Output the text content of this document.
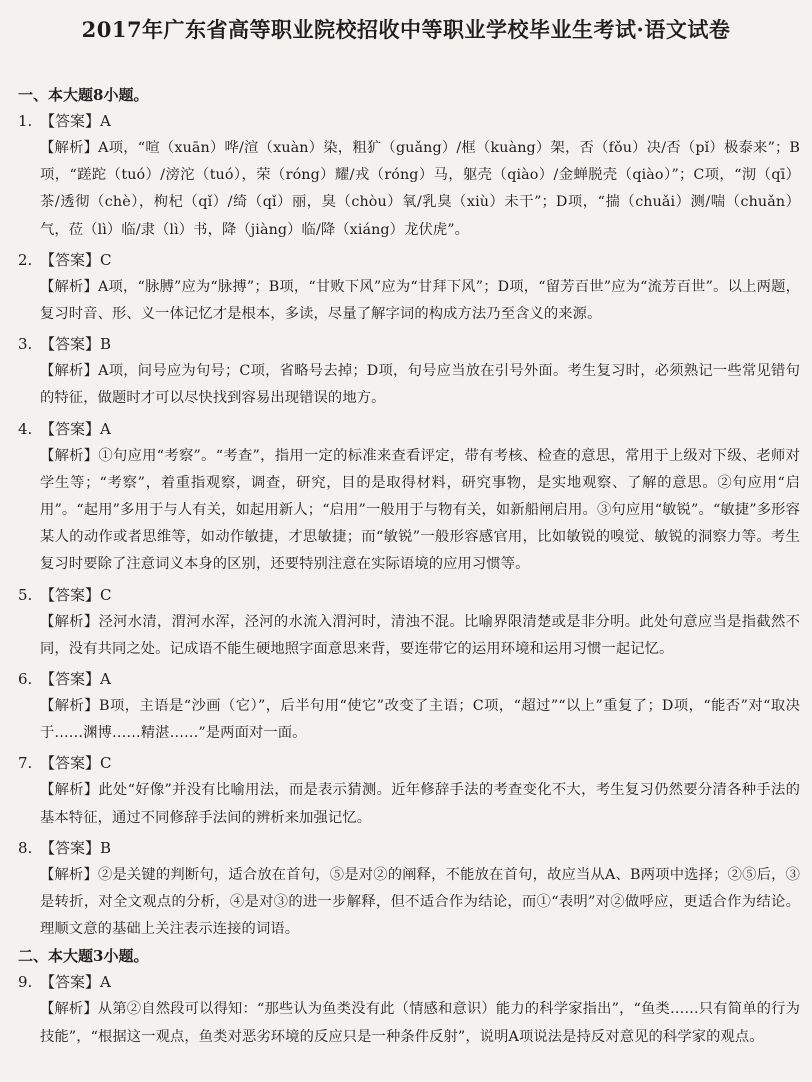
2017年广东省高等职业院校招收中等职业学校毕业生考试·语文试卷
一、本大题8小题。
1. 【答案】A
【解析】A项，“喧（xuān）哗/渲（xuàn）染，粗犷（guǎng）/框（kuàng）架，否（fǒu）决/否（pǐ）极泰来”；B项，“蹉跎（tuó）/滂沱（tuó），荣（róng）耀/戎（róng）马，躯壳（qiào）/金蝉脱壳（qiào）”；C项，“沏（qī）茶/透彻（chè），枸杞（qǐ）/绮（qǐ）丽，臭（chòu）氧/乳臭（xiù）未干”；D项，“揣（chuǎi）测/喘（chuǎn）气，莅（lì）临/隶（lì）书，降（jiàng）临/降（xiáng）龙伏虎”。
2. 【答案】C
【解析】A项，“脉膊”应为“脉搏”；B项，“甘败下风”应为“甘拜下风”；D项，“留芳百世”应为“流芳百世”。以上两题，复习时音、形、义一体记忆才是根本，多读，尽量了解字词的构成方法乃至含义的来源。
3. 【答案】B
【解析】A项，问号应为句号；C项，省略号去掉；D项，句号应当放在引号外面。考生复习时，必须熟记一些常见错句的特征，做题时才可以尽快找到容易出现错误的地方。
4. 【答案】A
【解析】①句应用“考察”。“考查”，指用一定的标准来查看评定，带有考核、检查的意思，常用于上级对下级、老师对学生等；“考察”，着重指观察，调查，研究，目的是取得材料，研究事物，是实地观察、了解的意思。②句应用“启用”。“起用”多用于与人有关，如起用新人；“启用”一般用于与物有关，如新船闸启用。③句应用“敏锐”。“敏捷”多形容某人的动作或者思维等，如动作敏捷，才思敏捷；而“敏锐”一般形容感官用，比如敏锐的嗅觉、敏锐的洞察力等。考生复习时要除了注意词义本身的区别，还要特别注意在实际语境的应用习惯等。
5. 【答案】C
【解析】泾河水清，渭河水浑，泾河的水流入渭河时，清浊不混。比喻界限清楚或是非分明。此处句意应当是指截然不同，没有共同之处。记成语不能生硬地照字面意思来背，要连带它的运用环境和运用习惯一起记忆。
6. 【答案】A
【解析】B项，主语是“沙画（它）”，后半句用“使它”改变了主语；C项，“超过”“以上”重复了；D项，“能否”对“取决于……渊博……精湛……”是两面对一面。
7. 【答案】C
【解析】此处“好像”并没有比喻用法，而是表示猜测。近年修辞手法的考查变化不大，考生复习仍然要分清各种手法的基本特征，通过不同修辞手法间的辨析来加强记忆。
8. 【答案】B
【解析】②是关键的判断句，适合放在首句，⑤是对②的阐释，不能放在首句，故应当从A、B两项中选择；②⑤后，③是转折，对全文观点的分析，④是对③的进一步解释，但不适合作为结论，而①“表明”对②做呼应，更适合作为结论。理顺文意的基础上关注表示连接的词语。
二、本大题3小题。
9. 【答案】A
【解析】从第②自然段可以得知：“那些认为鱼类没有此（情感和意识）能力的科学家指出”，“鱼类……只有简单的行为技能”，“根据这一观点，鱼类对恶劣环境的反应只是一种条件反射”，说明A项说法是持反对意见的科学家的观点。
